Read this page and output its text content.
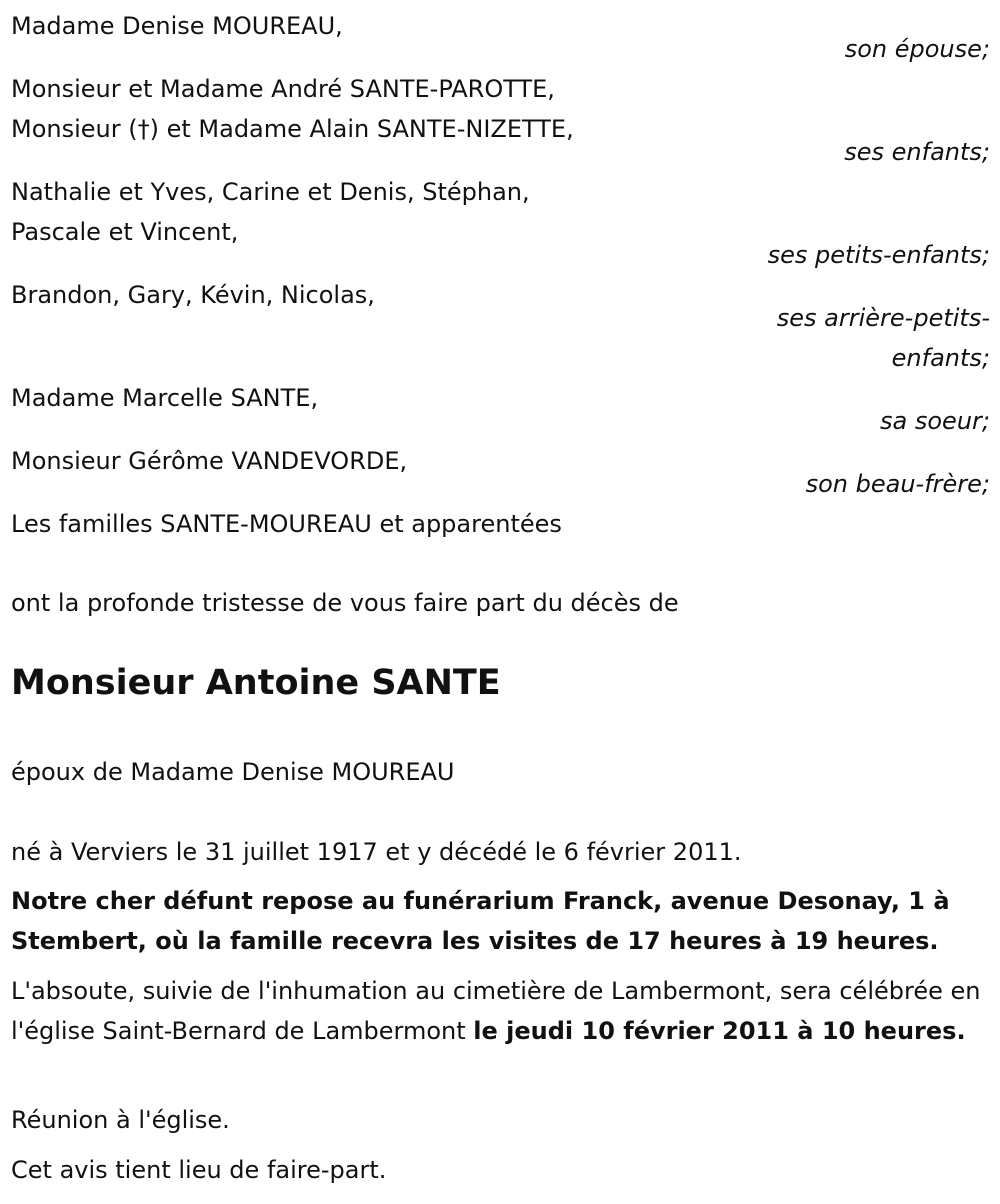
Madame Denise MOUREAU,
son épouse;
Monsieur et Madame André SANTE-PAROTTE,
Monsieur (†) et Madame Alain SANTE-NIZETTE,
ses enfants;
Nathalie et Yves, Carine et Denis, Stéphan,
Pascale et Vincent,
ses petits-enfants;
Brandon, Gary, Kévin, Nicolas,
ses arrière-petits-
enfants;
Madame Marcelle SANTE,
sa soeur;
Monsieur Gérôme VANDEVORDE,
son beau-frère;
Les familles SANTE-MOUREAU et apparentées
ont la profonde tristesse de vous faire part du décès de
Monsieur Antoine SANTE
époux de Madame Denise MOUREAU
né à Verviers le 31 juillet 1917 et y décédé le 6 février 2011.
Notre cher défunt repose au funérarium Franck, avenue Desonay, 1 à Stembert, où la famille recevra les visites de 17 heures à 19 heures.
L'absoute, suivie de l'inhumation au cimetière de Lambermont, sera célébrée en l'église Saint-Bernard de Lambermont le jeudi 10 février 2011 à 10 heures.
Réunion à l'église.
Cet avis tient lieu de faire-part.
